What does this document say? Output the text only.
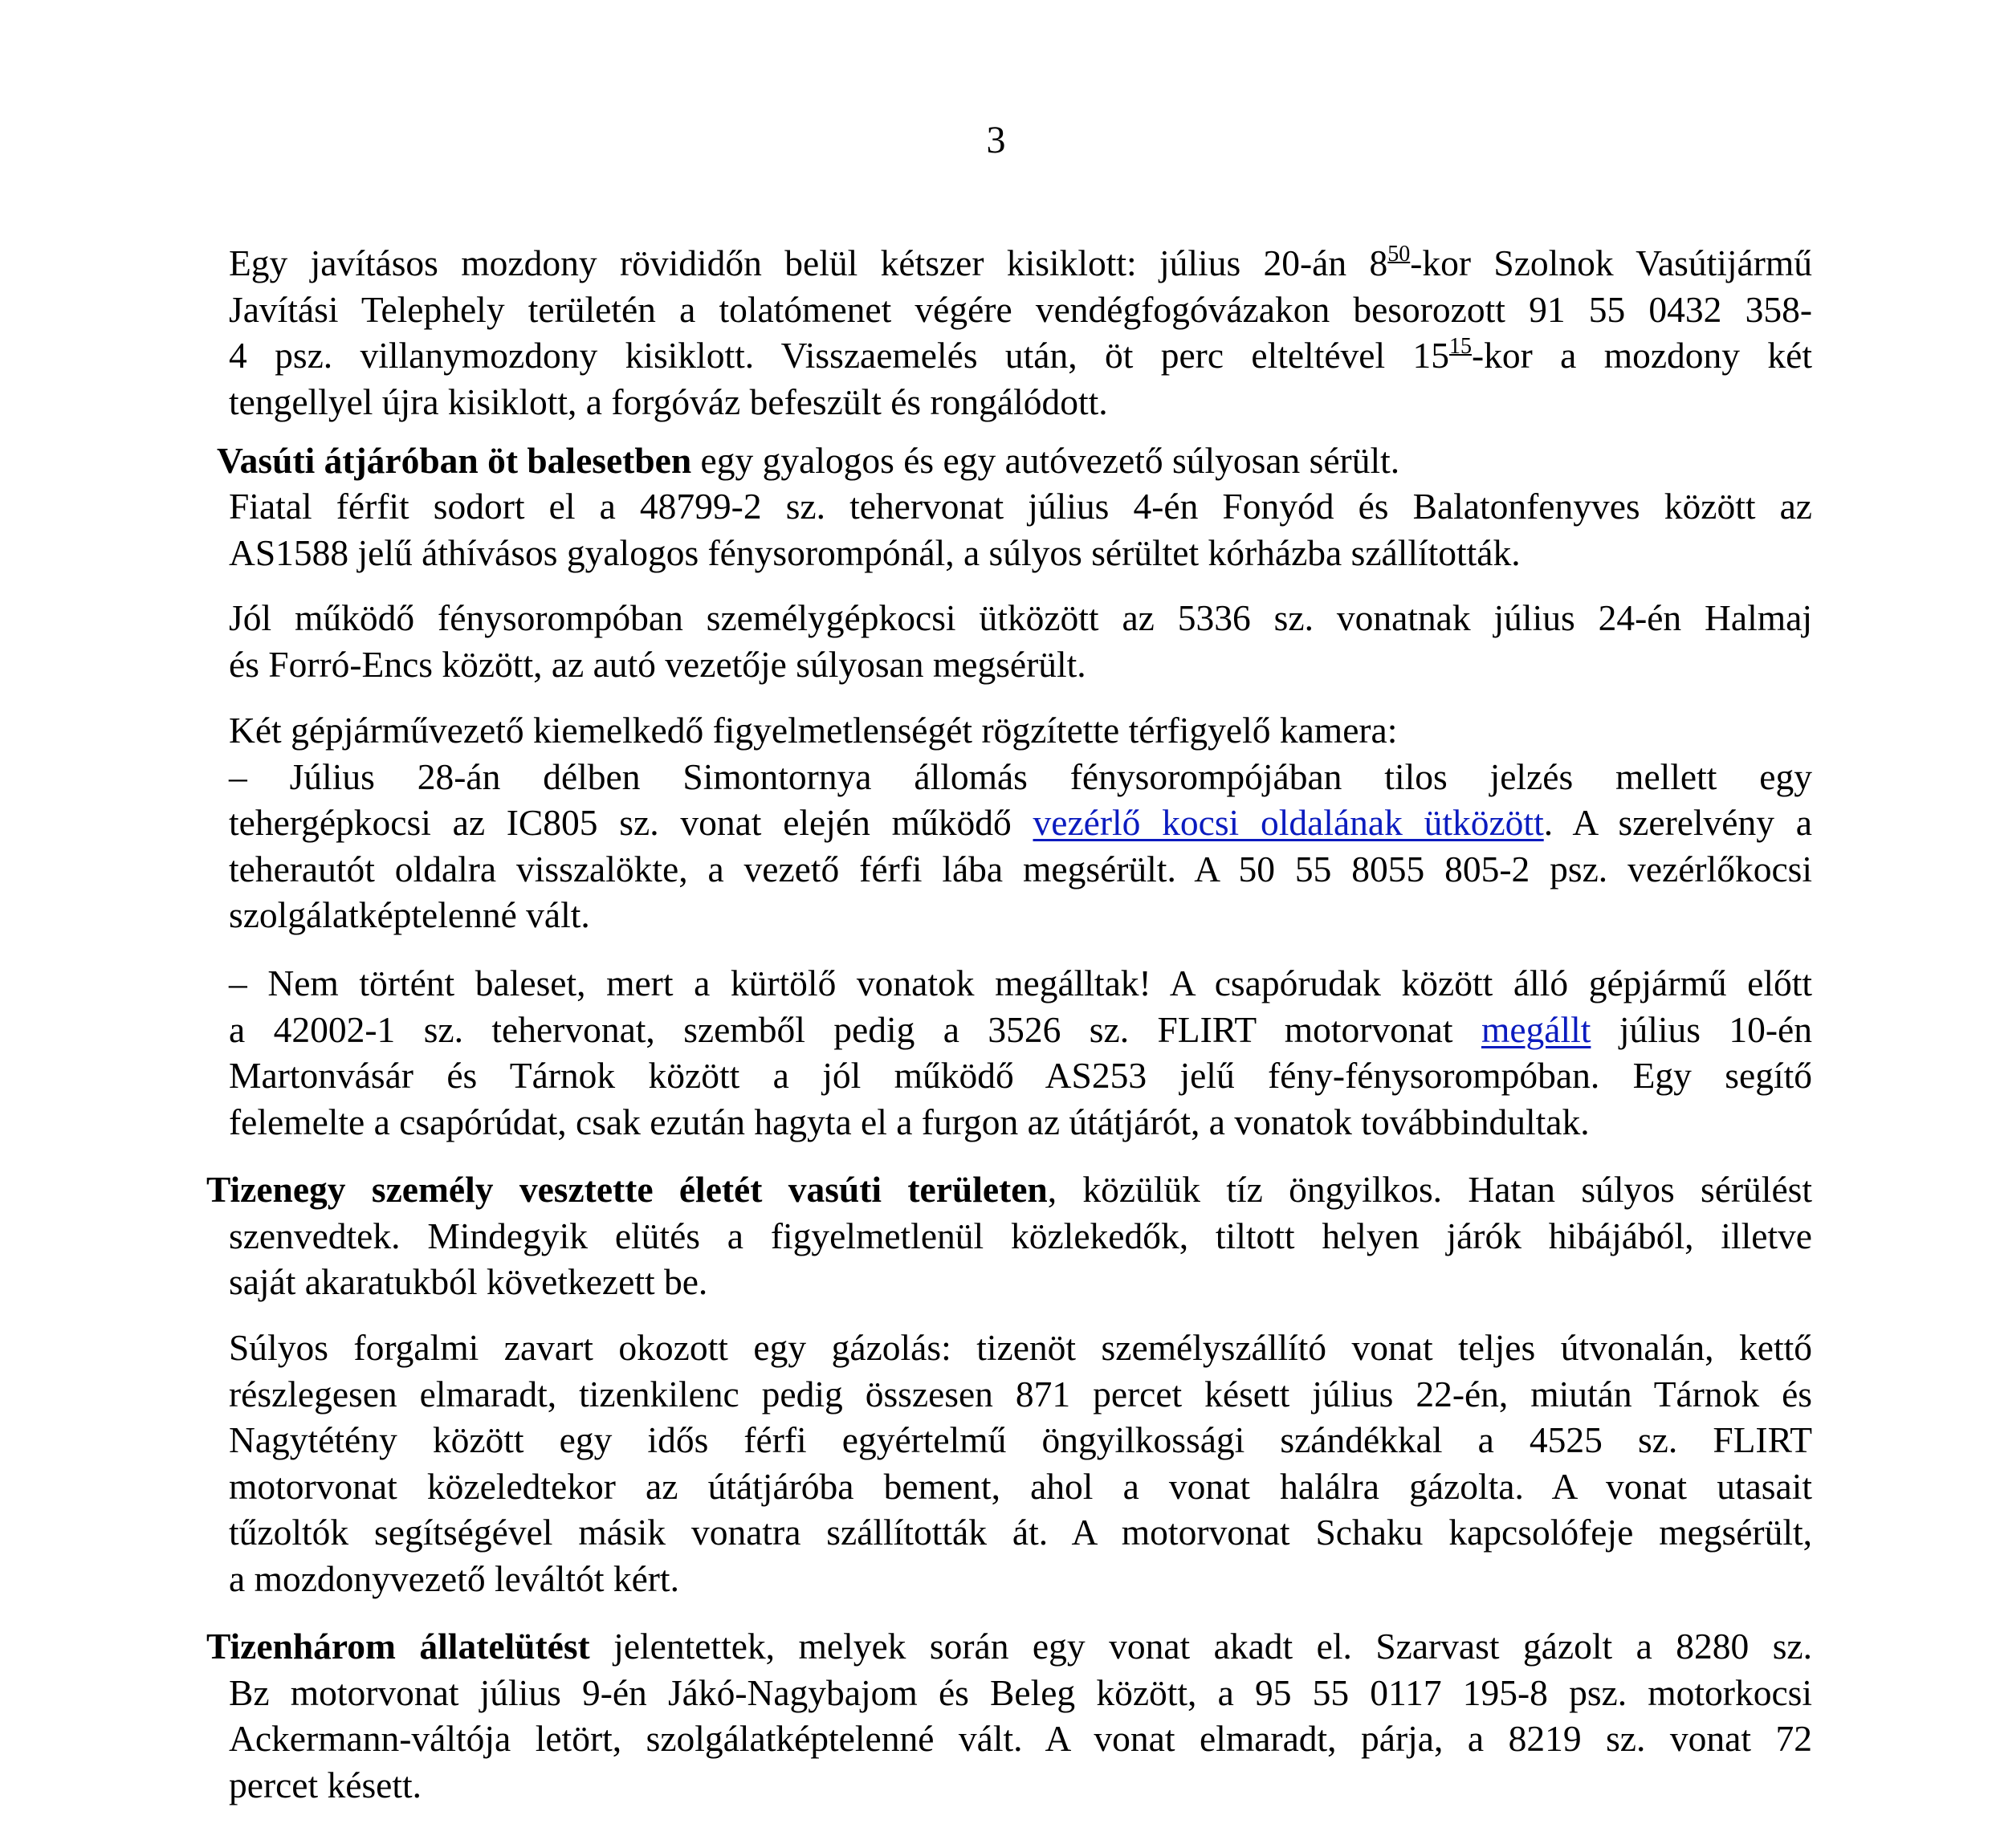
3
Egy javításos mozdony rövididőn belül kétszer kisiklott: július 20-án $8^{50}$-kor Szolnok Vasútijármű
Javítási Telephely területén a tolatómenet végére vendégfogóvázakon besorozott 91 55 0432 358-
4 psz. villanymozdony kisiklott. Visszaemelés után, öt perc elteltével $15^{15}$-kor a mozdony két
tengellyel újra kisiklott, a forgóváz befeszült és rongálódott.
Vasúti átjáróban öt balesetben egy gyalogos és egy autóvezető súlyosan sérült.
Fiatal férfit sodort el a 48799-2 sz. tehervonat július 4-én Fonyód és Balatonfenyves között az
AS1588 jelű áthívásos gyalogos fénysorompónál, a súlyos sérültet kórházba szállították.
Jól működő fénysorompóban személygépkocsi ütközött az 5336 sz. vonatnak július 24-én Halmaj
és Forró-Encs között, az autó vezetője súlyosan megsérült.
Két gépjárművezető kiemelkedő figyelmetlenségét rögzítette térfigyelő kamera:
– Július 28-án délben Simontornya állomás fénysorompójában tilos jelzés mellett egy
tehergépkocsi az IC805 sz. vonat elején működő vezérlő kocsi oldalának ütközött. A szerelvény a
teherautót oldalra visszalökte, a vezető férfi lába megsérült. A 50 55 8055 805-2 psz. vezérlőkocsi
szolgálatképtelenné vált.
– Nem történt baleset, mert a kürtölő vonatok megálltak! A csapórudak között álló gépjármű előtt
a 42002-1 sz. tehervonat, szemből pedig a 3526 sz. FLIRT motorvonat megállt július 10-én
Martonvásár és Tárnok között a jól működő AS253 jelű fény-fénysorompóban. Egy segítő
felemelte a csapórúdat, csak ezután hagyta el a furgon az útátjárót, a vonatok továbbindultak.
Tizenegy személy vesztette életét vasúti területen, közülük tíz öngyilkos. Hatan súlyos sérülést
szenvedtek. Mindegyik elütés a figyelmetlenül közlekedők, tiltott helyen járók hibájából, illetve
saját akaratukból következett be.
Súlyos forgalmi zavart okozott egy gázolás: tizenöt személyszállító vonat teljes útvonalán, kettő
részlegesen elmaradt, tizenkilenc pedig összesen 871 percet késett július 22-én, miután Tárnok és
Nagytétény között egy idős férfi egyértelmű öngyilkossági szándékkal a 4525 sz. FLIRT
motorvonat közeledtekor az útátjáróba bement, ahol a vonat halálra gázolta. A vonat utasait
tűzoltók segítségével másik vonatra szállították át. A motorvonat Schaku kapcsolófeje megsérült,
a mozdonyvezető leváltót kért.
Tizenhárom állatelütést jelentettek, melyek során egy vonat akadt el. Szarvast gázolt a 8280 sz.
Bz motorvonat július 9-én Jákó-Nagybajom és Beleg között, a 95 55 0117 195-8 psz. motorkocsi
Ackermann-váltója letört, szolgálatképtelenné vált. A vonat elmaradt, párja, a 8219 sz. vonat 72
percet késett.
